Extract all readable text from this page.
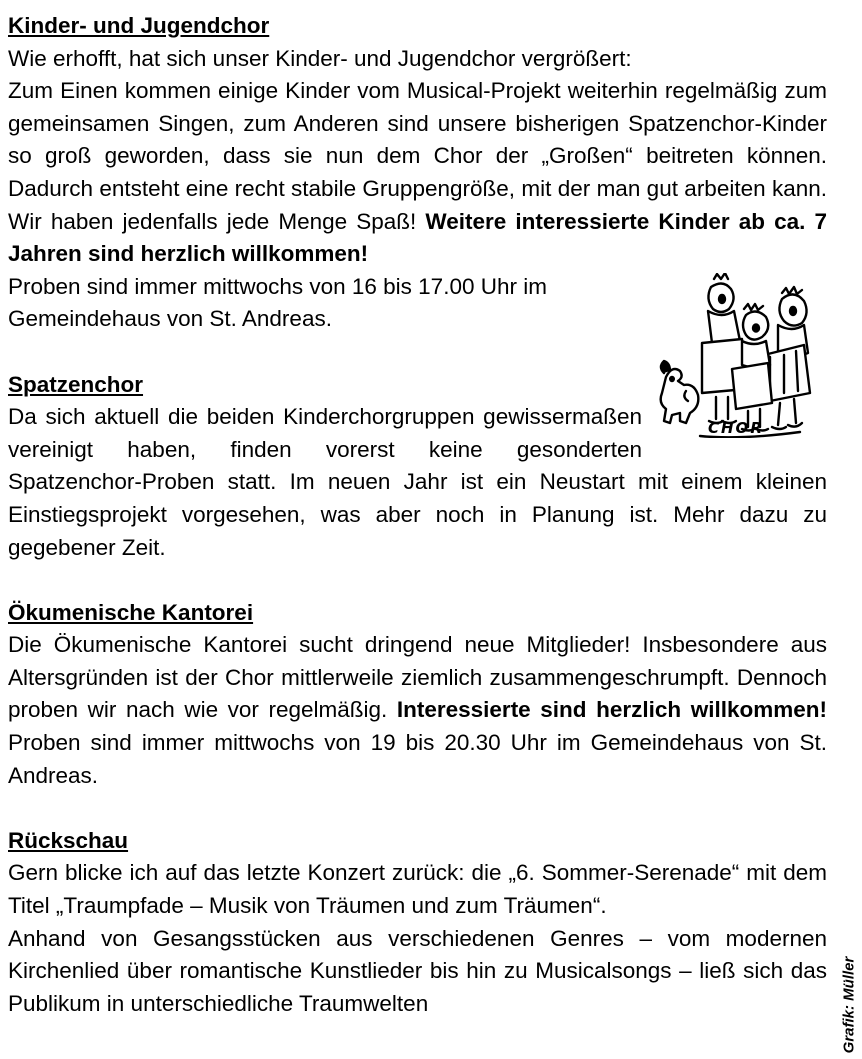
Kinder- und Jugendchor

Wie erhofft, hat sich unser Kinder- und Jugendchor vergrößert:

Zum Einen kommen einige Kinder vom Musical-Projekt weiterhin regelmäßig zum gemeinsamen Singen, zum Anderen sind unsere bisherigen Spatzenchor-Kinder so groß geworden, dass sie nun dem Chor der „Großen“ beitreten können. Dadurch entsteht eine recht stabile Gruppengröße, mit der man gut arbeiten kann. Wir haben jedenfalls jede Menge Spaß! Weitere interessierte Kinder ab ca. 7 Jahren sind herzlich willkommen!

CHOR

Proben sind immer mittwochs von 16 bis 17.00 Uhr im Gemeindehaus von St. Andreas.

Spatzenchor

Da sich aktuell die beiden Kinderchorgruppen gewissermaßen vereinigt haben, finden vorerst keine gesonderten Spatzenchor-Proben statt. Im neuen Jahr ist ein Neustart mit einem kleinen Einstiegsprojekt vorgesehen, was aber noch in Planung ist. Mehr dazu zu gegebener Zeit.

Ökumenische Kantorei

Die Ökumenische Kantorei sucht dringend neue Mitglieder! Insbesondere aus Altersgründen ist der Chor mittlerweile ziemlich zusammengeschrumpft. Dennoch proben wir nach wie vor regelmäßig. Interessierte sind herzlich willkommen! Proben sind immer mittwochs von 19 bis 20.30 Uhr im Gemeindehaus von St. Andreas.

Rückschau

Gern blicke ich auf das letzte Konzert zurück: die „6. Sommer-Serenade“ mit dem Titel „Traumpfade – Musik von Träumen und zum Träumen“.

Anhand von Gesangsstücken aus verschiedenen Genres – vom modernen Kirchenlied über romantische Kunstlieder bis hin zu Musicalsongs – ließ sich das Publikum in unterschiedliche Traumwelten	Grafik: Müller
